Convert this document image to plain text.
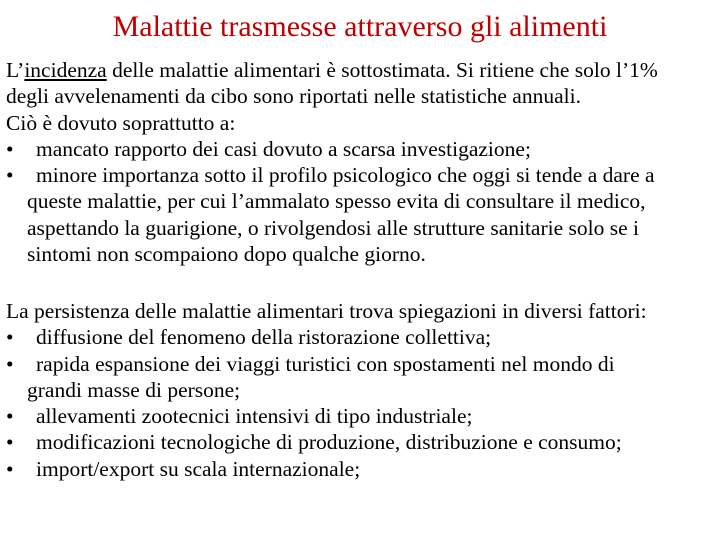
Malattie trasmesse attraverso gli alimenti
L’incidenza delle malattie alimentari è sottostimata. Si ritiene che solo l’1%
degli avvelenamenti da cibo sono riportati nelle statistiche annuali.
Ciò è dovuto soprattutto a:
• mancato rapporto dei casi dovuto a scarsa investigazione;
• minore importanza sotto il profilo psicologico che oggi si tende a dare a
queste malattie, per cui l’ammalato spesso evita di consultare il medico,
aspettando la guarigione, o rivolgendosi alle strutture sanitarie solo se i
sintomi non scompaiono dopo qualche giorno.
La persistenza delle malattie alimentari trova spiegazioni in diversi fattori:
• diffusione del fenomeno della ristorazione collettiva;
• rapida espansione dei viaggi turistici con spostamenti nel mondo di
grandi masse di persone;
• allevamenti zootecnici intensivi di tipo industriale;
• modificazioni tecnologiche di produzione, distribuzione e consumo;
• import/export su scala internazionale;
